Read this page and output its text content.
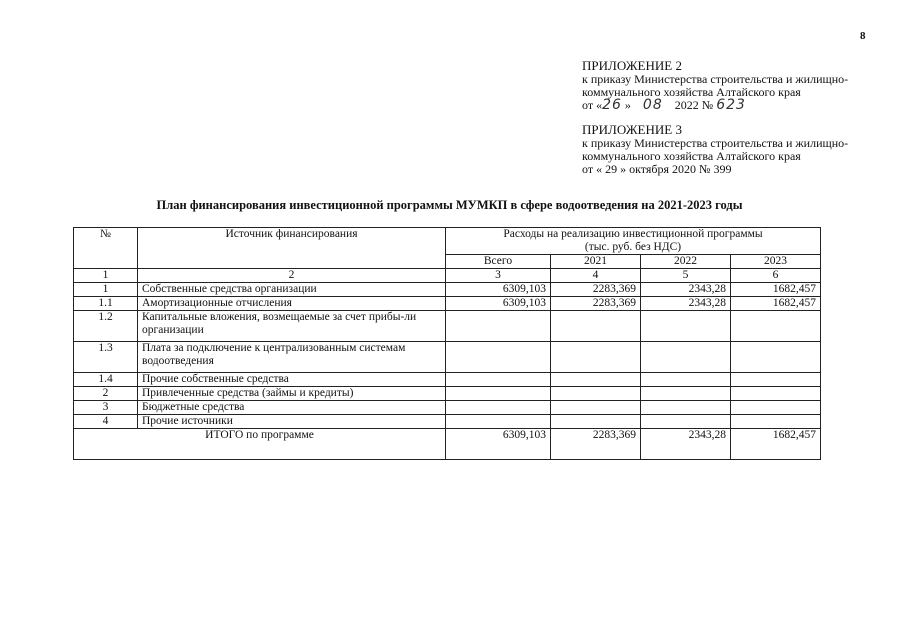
8
ПРИЛОЖЕНИЕ 2
к приказу Министерства строительства и жилищно-
коммунального хозяйства Алтайского края
от «26 » 08 2022 № 623
ПРИЛОЖЕНИЕ 3
к приказу Министерства строительства и жилищно-
коммунального хозяйства Алтайского края
от « 29 » октября 2020 № 399
План финансирования инвестиционной программы МУМКП в сфере водоотведения на 2021-2023 годы
№	Источник финансирования	Расходы на реализацию инвестиционной программы
(тыс. руб. без НДС)			

		Всего	2021	2022	2023
1	2	3	4	5	6
1	Собственные средства организации	6309,103	2283,369	2343,28	1682,457
1.1	Амортизационные отчисления	6309,103	2283,369	2343,28	1682,457
1.2	Капитальные вложения, возмещаемые за счет прибы-ли организации				
1.3	Плата за подключение к централизованным системам водоотведения				
1.4	Прочие собственные средства				
2	Привлеченные средства (займы и кредиты)				
3	Бюджетные средства				
4	Прочие источники				
ИТОГО по программе		6309,103	2283,369	2343,28	1682,457
